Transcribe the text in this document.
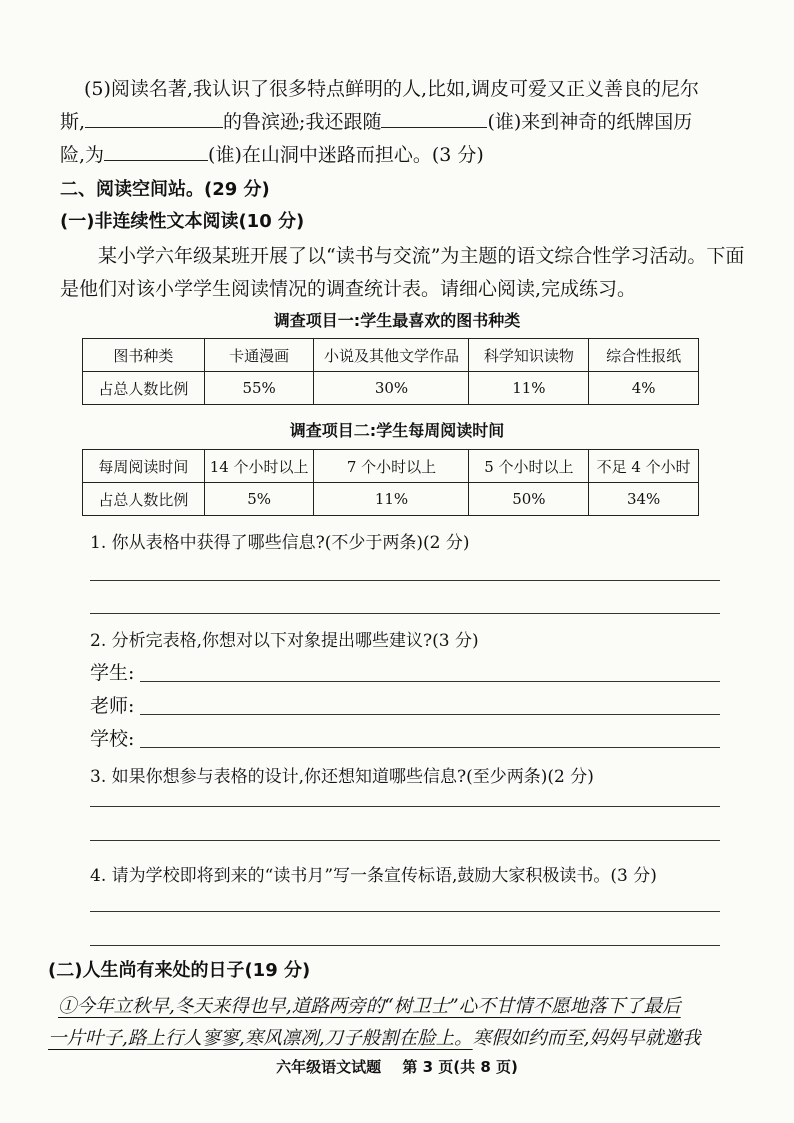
(5)阅读名著,我认识了很多特点鲜明的人,比如,调皮可爱又正义善良的尼尔
斯,	的鲁滨逊;我还跟随	(谁)来到神奇的纸牌国历
险,为	(谁)在山洞中迷路而担心。(3 分)
二、阅读空间站。(29 分)
(一)非连续性文本阅读(10 分)
某小学六年级某班开展了以“读书与交流”为主题的语文综合性学习活动。下面
是他们对该小学学生阅读情况的调查统计表。请细心阅读,完成练习。
调查项目一:学生最喜欢的图书种类
图书种类	卡通漫画	小说及其他文学作品	科学知识读物	综合性报纸
占总人数比例	55%	30%	11%	4%
调查项目二:学生每周阅读时间
每周阅读时间	14 个小时以上	7 个小时以上	5 个小时以上	不足 4 个小时
占总人数比例	5%	11%	50%	34%
1. 你从表格中获得了哪些信息?(不少于两条)(2 分)
2. 分析完表格,你想对以下对象提出哪些建议?(3 分)
学生:
老师:
学校:
3. 如果你想参与表格的设计,你还想知道哪些信息?(至少两条)(2 分)
4. 请为学校即将到来的“读书月”写一条宣传标语,鼓励大家积极读书。(3 分)
(二)人生尚有来处的日子(19 分)
①今年立秋早,冬天来得也早,道路两旁的“树卫士”心不甘情不愿地落下了最后
一片叶子,路上行人寥寥,寒风凛冽,刀子般割在脸上。寒假如约而至,妈妈早就邀我
六年级语文试题 第 3 页(共 8 页)
